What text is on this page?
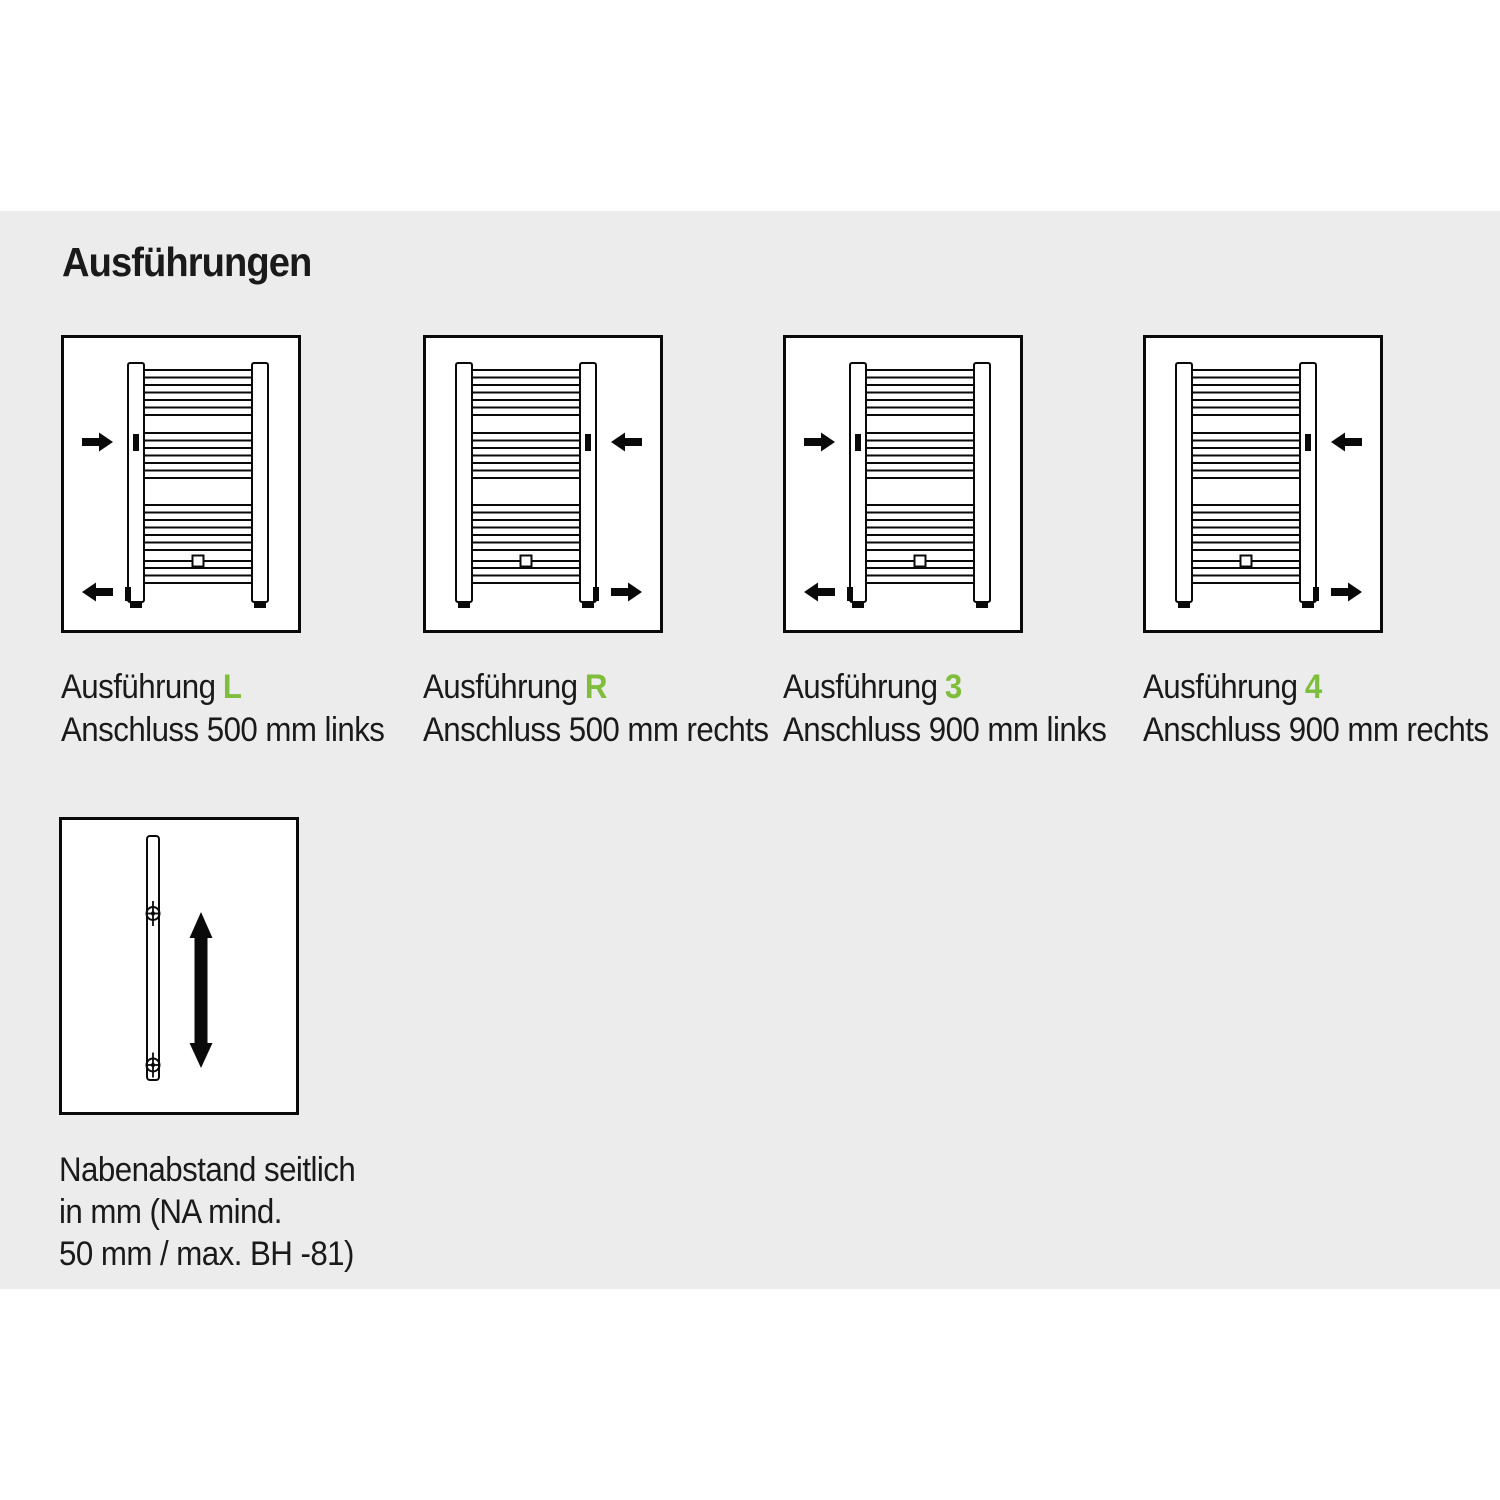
Ausführungen
Ausführung L
Anschluss 500 mm links
Ausführung R
Anschluss 500 mm rechts
Ausführung 3
Anschluss 900 mm links
Ausführung 4
Anschluss 900 mm rechts
Nabenabstand seitlich
in mm (NA mind.
50 mm / max. BH -81)
